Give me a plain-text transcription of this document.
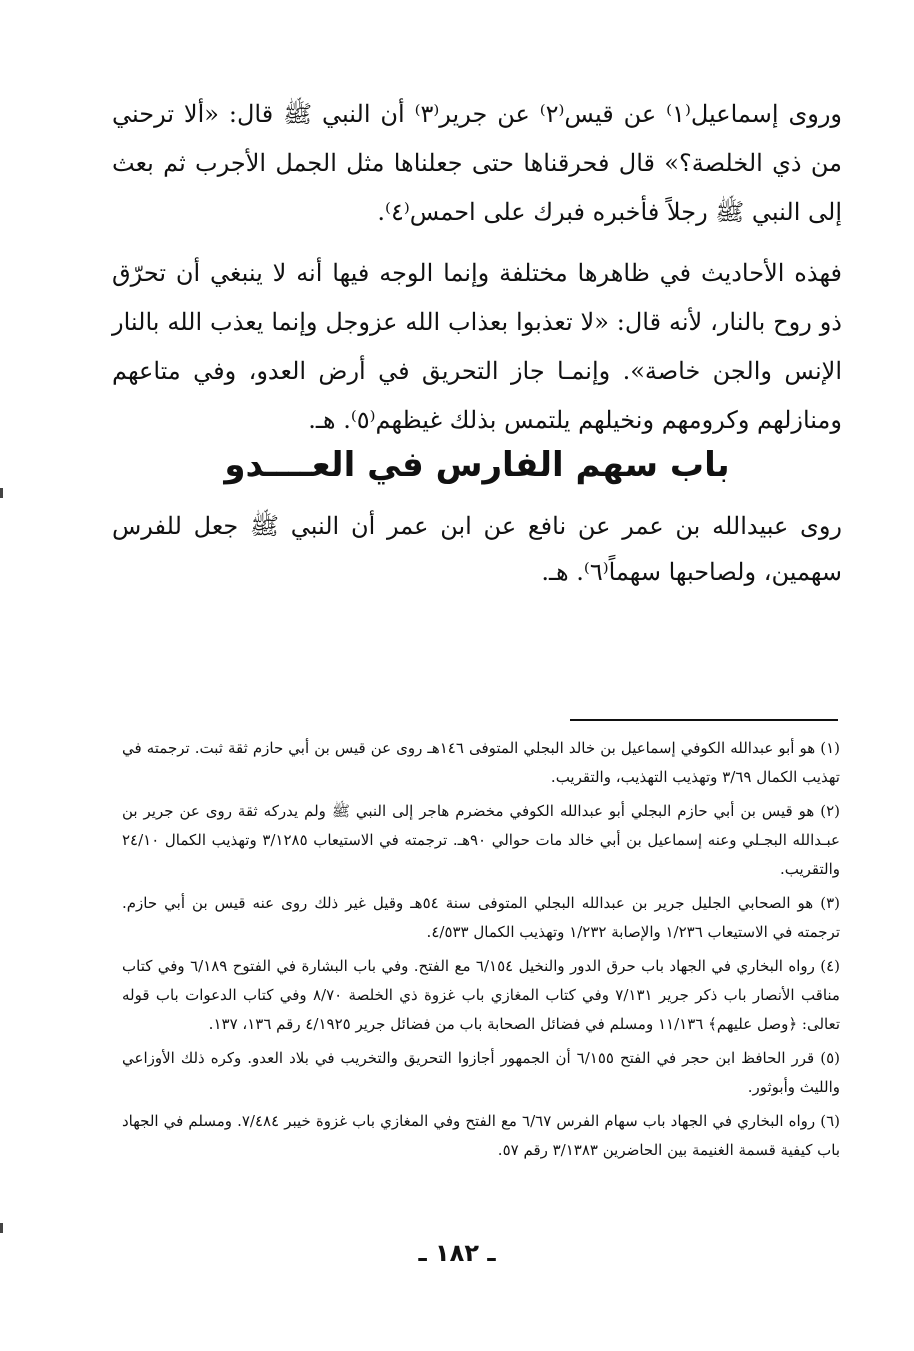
وروى إسماعيل⁽١⁾ عن قيس⁽٢⁾ عن جرير⁽٣⁾ أن النبي ﷺ قال: «ألا ترحني من ذي الخلصة؟» قال فحرقناها حتى جعلناها مثل الجمل الأجرب ثم بعث إلى النبي ﷺ رجلاً فأخبره فبرك على احمس⁽٤⁾.

فهذه الأحاديث في ظاهرها مختلفة وإنما الوجه فيها أنه لا ينبغي أن تحرّق ذو روح بالنار، لأنه قال: «لا تعذبوا بعذاب الله عزوجل وإنما يعذب الله بالنار الإنس والجن خاصة». وإنمـا جاز التحريق في أرض العدو، وفي متاعهم ومنازلهم وكرومهم ونخيلهم يلتمس بذلك غيظهم⁽٥⁾. هـ.

باب سهم الفارس في العــــدو

روى عبيدالله بن عمر عن نافع عن ابن عمر أن النبي ﷺ جعل للفرس سهمين، ولصاحبها سهماً⁽٦⁾. هـ.

(١) هو أبو عبدالله الكوفي إسماعيل بن خالد البجلي المتوفى ١٤٦هـ روى عن قيس بن أبي حازم ثقة ثبت. ترجمته في تهذيب الكمال ٣/٦٩ وتهذيب التهذيب، والتقريب.

(٢) هو قيس بن أبي حازم البجلي أبو عبدالله الكوفي مخضرم هاجر إلى النبي ﷺ ولم يدركه ثقة روى عن جرير بن عبـدالله البجـلي وعنه إسماعيل بن أبي خالد مات حوالي ٩٠هـ. ترجمته في الاستيعاب ٣/١٢٨٥ وتهذيب الكمال ٢٤/١٠ والتقريب.

(٣) هو الصحابي الجليل جرير بن عبدالله البجلي المتوفى سنة ٥٤هـ وقيل غير ذلك روى عنه قيس بن أبي حازم. ترجمته في الاستيعاب ١/٢٣٦ والإصابة ١/٢٣٢ وتهذيب الكمال ٤/٥٣٣.

(٤) رواه البخاري في الجهاد باب حرق الدور والنخيل ٦/١٥٤ مع الفتح. وفي باب البشارة في الفتوح ٦/١٨٩ وفي كتاب مناقب الأنصار باب ذكر جرير ٧/١٣١ وفي كتاب المغازي باب غزوة ذي الخلصة ٨/٧٠ وفي كتاب الدعوات باب قوله تعالى: ﴿وصل عليهم﴾ ١١/١٣٦ ومسلم في فضائل الصحابة باب من فضائل جرير ٤/١٩٢٥ رقم ١٣٦، ١٣٧.

(٥) قرر الحافظ ابن حجر في الفتح ٦/١٥٥ أن الجمهور أجازوا التحريق والتخريب في بلاد العدو. وكره ذلك الأوزاعي والليث وأبوثور.

(٦) رواه البخاري في الجهاد باب سهام الفرس ٦/٦٧ مع الفتح وفي المغازي باب غزوة خيبر ٧/٤٨٤. ومسلم في الجهاد باب كيفية قسمة الغنيمة بين الحاضرين ٣/١٣٨٣ رقم ٥٧.

ـ ١٨٢ ـ
